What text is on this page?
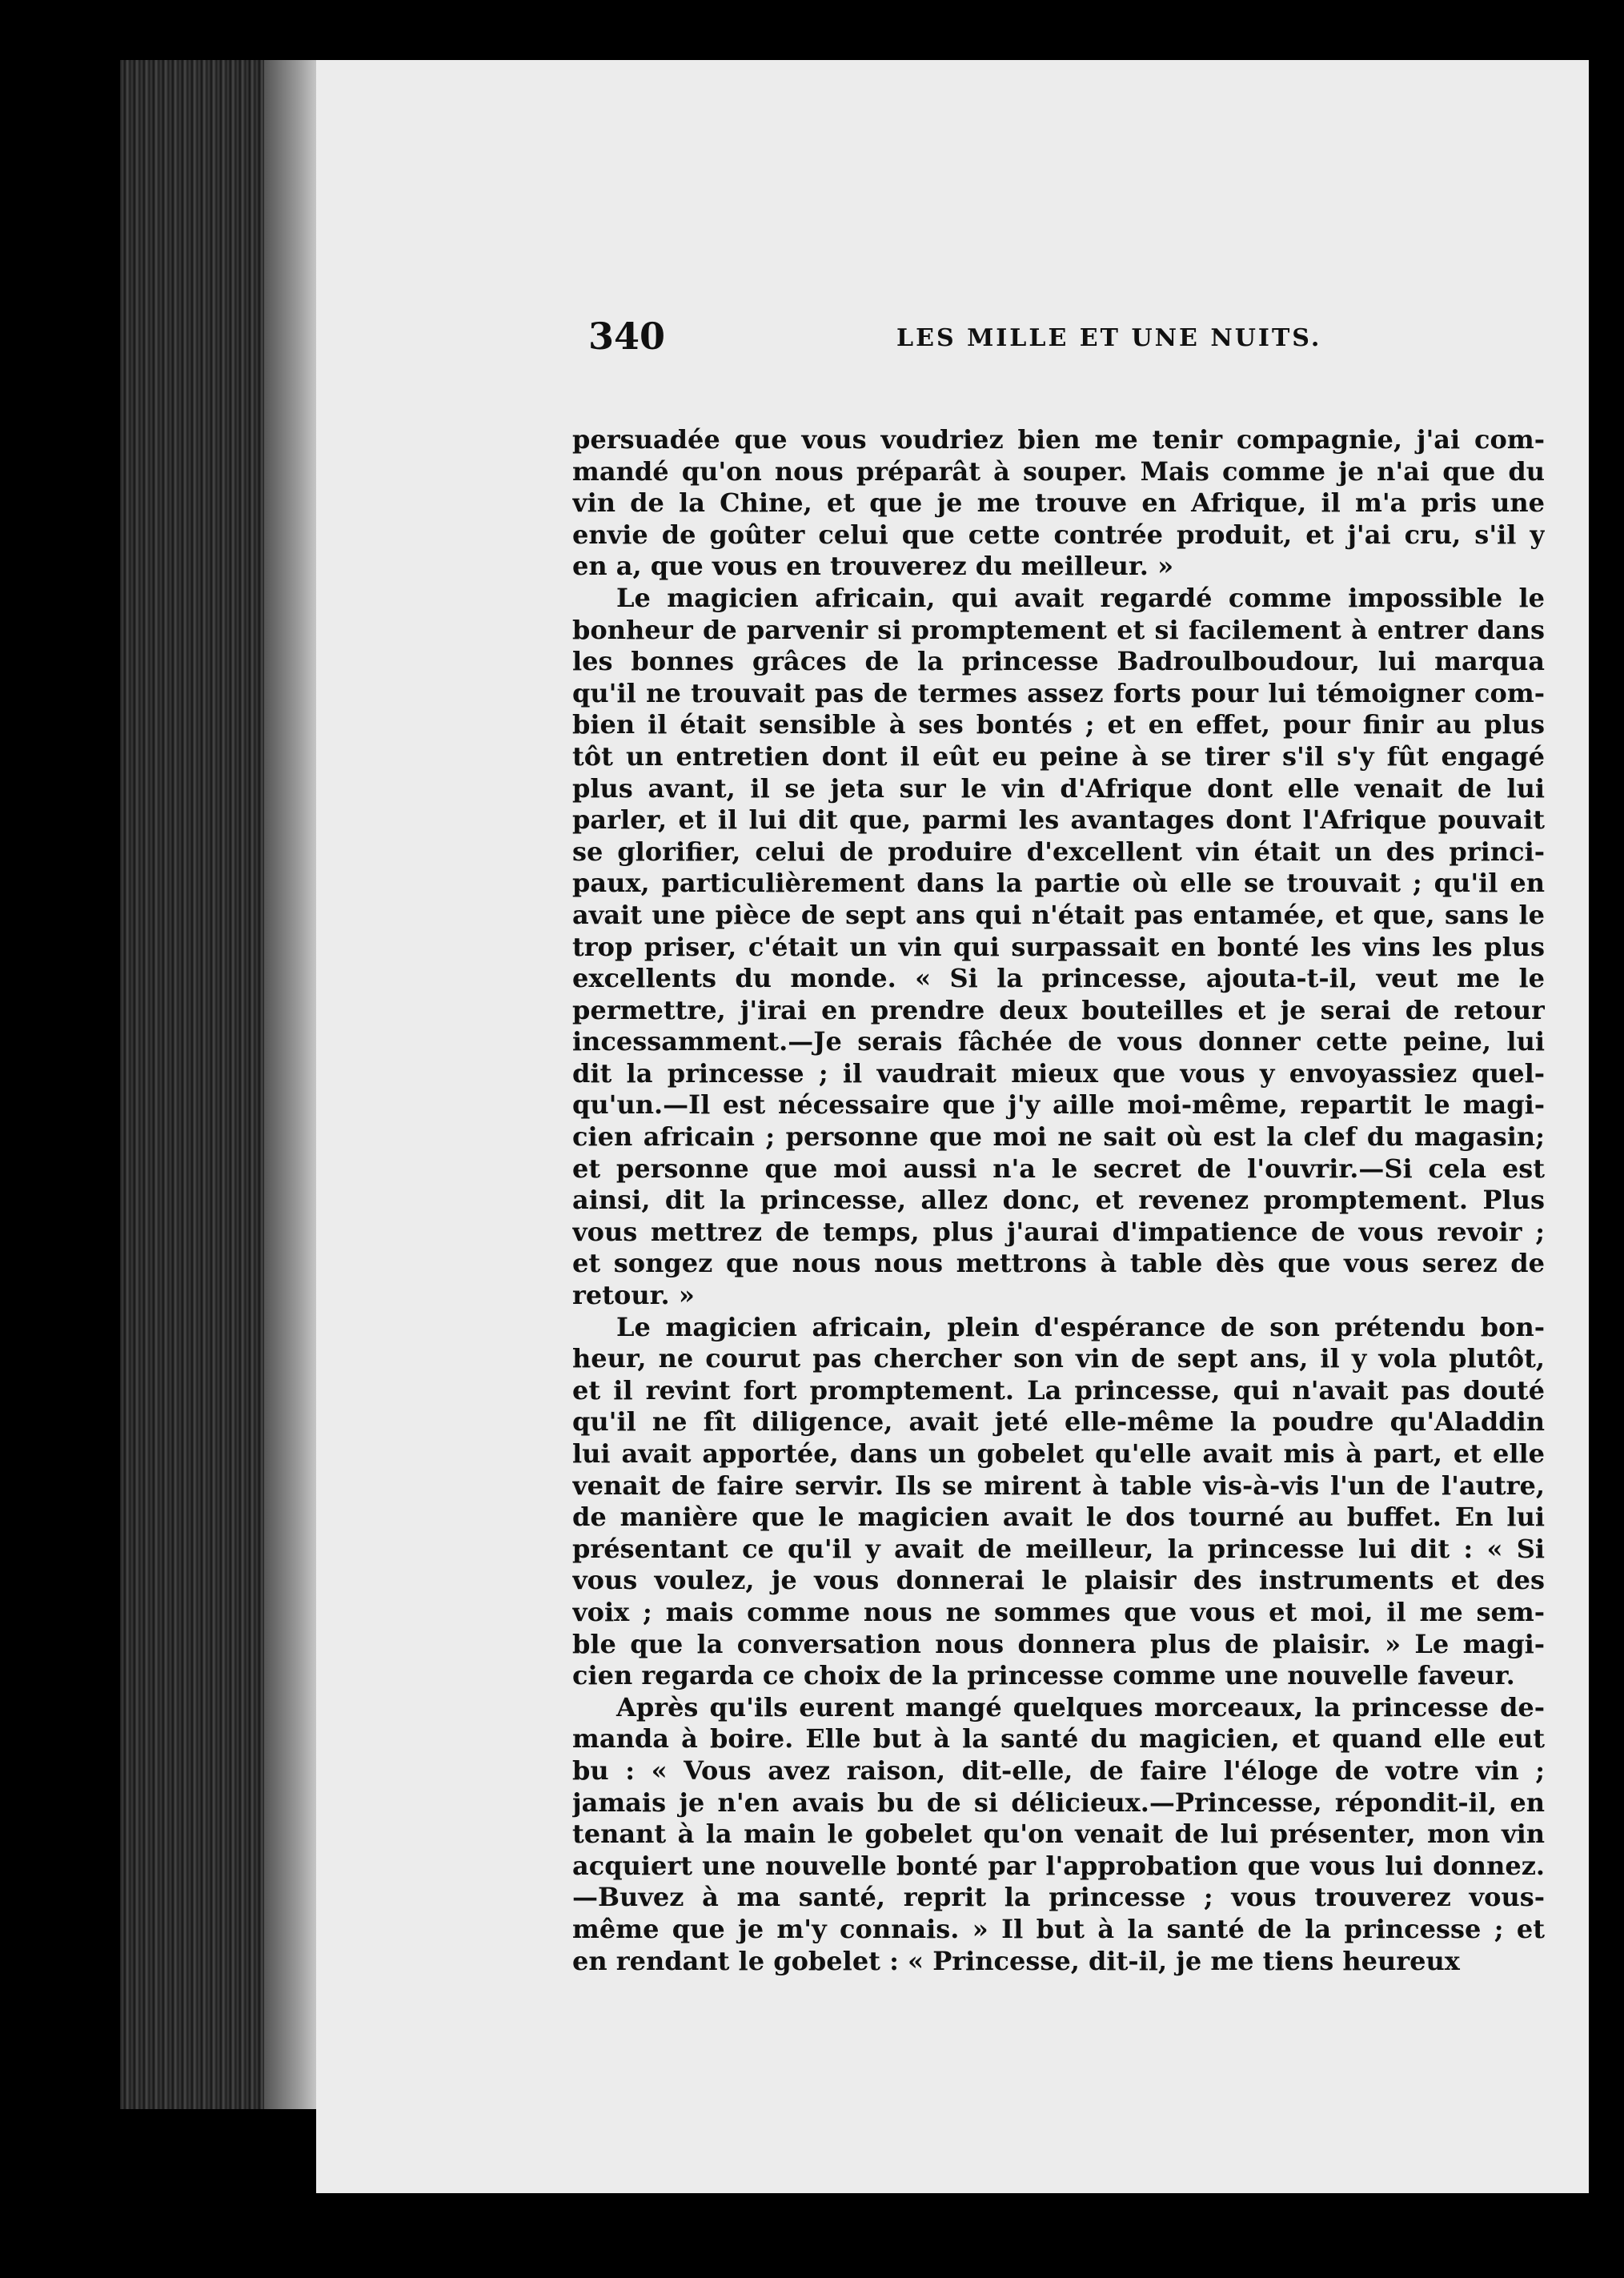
340	LES MILLE ET UNE NUITS.
persuadée que vous voudriez bien me tenir compagnie, j'ai com-
mandé qu'on nous préparât à souper. Mais comme je n'ai que du
vin de la Chine, et que je me trouve en Afrique, il m'a pris une
envie de goûter celui que cette contrée produit, et j'ai cru, s'il y
en a, que vous en trouverez du meilleur. »
Le magicien africain, qui avait regardé comme impossible le
bonheur de parvenir si promptement et si facilement à entrer dans
les bonnes grâces de la princesse Badroulboudour, lui marqua
qu'il ne trouvait pas de termes assez forts pour lui témoigner com-
bien il était sensible à ses bontés ; et en effet, pour finir au plus
tôt un entretien dont il eût eu peine à se tirer s'il s'y fût engagé
plus avant, il se jeta sur le vin d'Afrique dont elle venait de lui
parler, et il lui dit que, parmi les avantages dont l'Afrique pouvait
se glorifier, celui de produire d'excellent vin était un des princi-
paux, particulièrement dans la partie où elle se trouvait ; qu'il en
avait une pièce de sept ans qui n'était pas entamée, et que, sans le
trop priser, c'était un vin qui surpassait en bonté les vins les plus
excellents du monde. « Si la princesse, ajouta-t-il, veut me le
permettre, j'irai en prendre deux bouteilles et je serai de retour
incessamment.—Je serais fâchée de vous donner cette peine, lui
dit la princesse ; il vaudrait mieux que vous y envoyassiez quel-
qu'un.—Il est nécessaire que j'y aille moi-même, repartit le magi-
cien africain ; personne que moi ne sait où est la clef du magasin;
et personne que moi aussi n'a le secret de l'ouvrir.—Si cela est
ainsi, dit la princesse, allez donc, et revenez promptement. Plus
vous mettrez de temps, plus j'aurai d'impatience de vous revoir ;
et songez que nous nous mettrons à table dès que vous serez de
retour. »
Le magicien africain, plein d'espérance de son prétendu bon-
heur, ne courut pas chercher son vin de sept ans, il y vola plutôt,
et il revint fort promptement. La princesse, qui n'avait pas douté
qu'il ne fît diligence, avait jeté elle-même la poudre qu'Aladdin
lui avait apportée, dans un gobelet qu'elle avait mis à part, et elle
venait de faire servir. Ils se mirent à table vis-à-vis l'un de l'autre,
de manière que le magicien avait le dos tourné au buffet. En lui
présentant ce qu'il y avait de meilleur, la princesse lui dit : « Si
vous voulez, je vous donnerai le plaisir des instruments et des
voix ; mais comme nous ne sommes que vous et moi, il me sem-
ble que la conversation nous donnera plus de plaisir. » Le magi-
cien regarda ce choix de la princesse comme une nouvelle faveur.
Après qu'ils eurent mangé quelques morceaux, la princesse de-
manda à boire. Elle but à la santé du magicien, et quand elle eut
bu : « Vous avez raison, dit-elle, de faire l'éloge de votre vin ;
jamais je n'en avais bu de si délicieux.—Princesse, répondit-il, en
tenant à la main le gobelet qu'on venait de lui présenter, mon vin
acquiert une nouvelle bonté par l'approbation que vous lui donnez.
—Buvez à ma santé, reprit la princesse ; vous trouverez vous-
même que je m'y connais. » Il but à la santé de la princesse ; et
en rendant le gobelet : « Princesse, dit-il, je me tiens heureux
